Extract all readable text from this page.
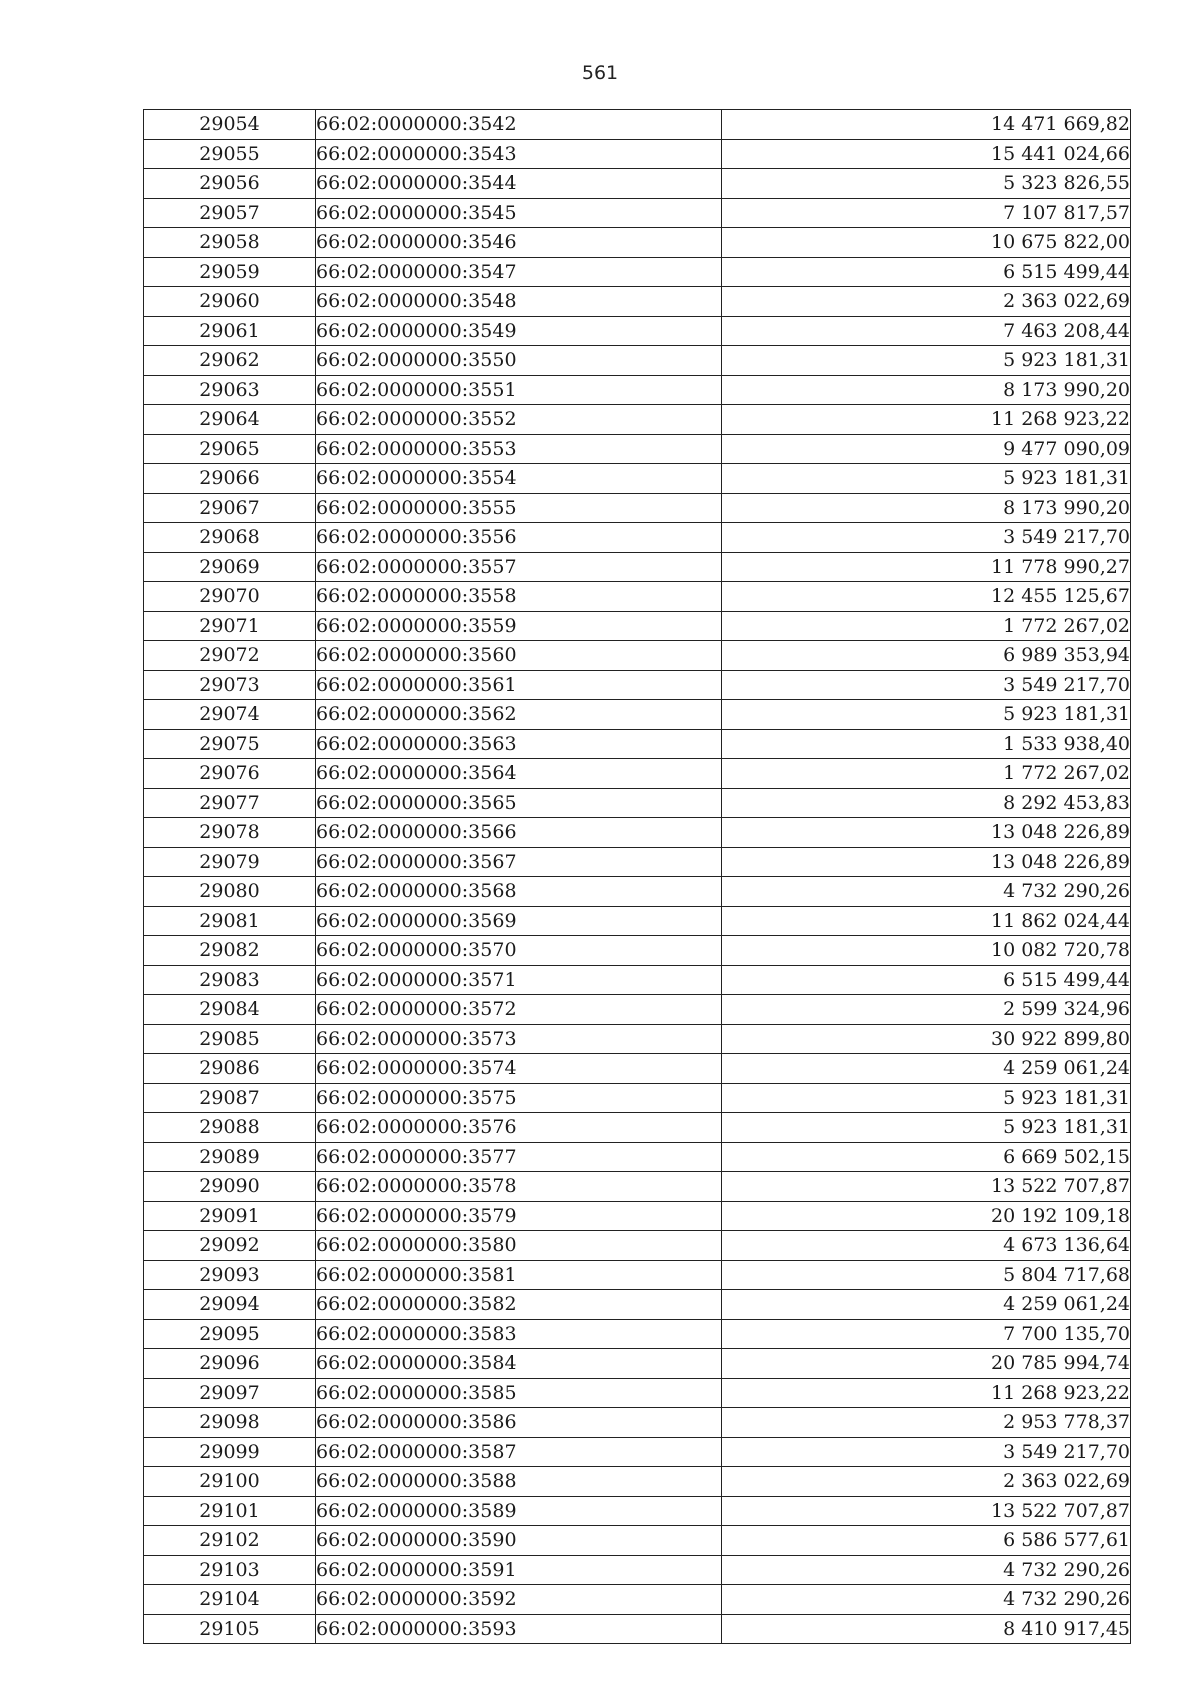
561
29054	66:02:0000000:3542	14 471 669,82
29055	66:02:0000000:3543	15 441 024,66
29056	66:02:0000000:3544	5 323 826,55
29057	66:02:0000000:3545	7 107 817,57
29058	66:02:0000000:3546	10 675 822,00
29059	66:02:0000000:3547	6 515 499,44
29060	66:02:0000000:3548	2 363 022,69
29061	66:02:0000000:3549	7 463 208,44
29062	66:02:0000000:3550	5 923 181,31
29063	66:02:0000000:3551	8 173 990,20
29064	66:02:0000000:3552	11 268 923,22
29065	66:02:0000000:3553	9 477 090,09
29066	66:02:0000000:3554	5 923 181,31
29067	66:02:0000000:3555	8 173 990,20
29068	66:02:0000000:3556	3 549 217,70
29069	66:02:0000000:3557	11 778 990,27
29070	66:02:0000000:3558	12 455 125,67
29071	66:02:0000000:3559	1 772 267,02
29072	66:02:0000000:3560	6 989 353,94
29073	66:02:0000000:3561	3 549 217,70
29074	66:02:0000000:3562	5 923 181,31
29075	66:02:0000000:3563	1 533 938,40
29076	66:02:0000000:3564	1 772 267,02
29077	66:02:0000000:3565	8 292 453,83
29078	66:02:0000000:3566	13 048 226,89
29079	66:02:0000000:3567	13 048 226,89
29080	66:02:0000000:3568	4 732 290,26
29081	66:02:0000000:3569	11 862 024,44
29082	66:02:0000000:3570	10 082 720,78
29083	66:02:0000000:3571	6 515 499,44
29084	66:02:0000000:3572	2 599 324,96
29085	66:02:0000000:3573	30 922 899,80
29086	66:02:0000000:3574	4 259 061,24
29087	66:02:0000000:3575	5 923 181,31
29088	66:02:0000000:3576	5 923 181,31
29089	66:02:0000000:3577	6 669 502,15
29090	66:02:0000000:3578	13 522 707,87
29091	66:02:0000000:3579	20 192 109,18
29092	66:02:0000000:3580	4 673 136,64
29093	66:02:0000000:3581	5 804 717,68
29094	66:02:0000000:3582	4 259 061,24
29095	66:02:0000000:3583	7 700 135,70
29096	66:02:0000000:3584	20 785 994,74
29097	66:02:0000000:3585	11 268 923,22
29098	66:02:0000000:3586	2 953 778,37
29099	66:02:0000000:3587	3 549 217,70
29100	66:02:0000000:3588	2 363 022,69
29101	66:02:0000000:3589	13 522 707,87
29102	66:02:0000000:3590	6 586 577,61
29103	66:02:0000000:3591	4 732 290,26
29104	66:02:0000000:3592	4 732 290,26
29105	66:02:0000000:3593	8 410 917,45
